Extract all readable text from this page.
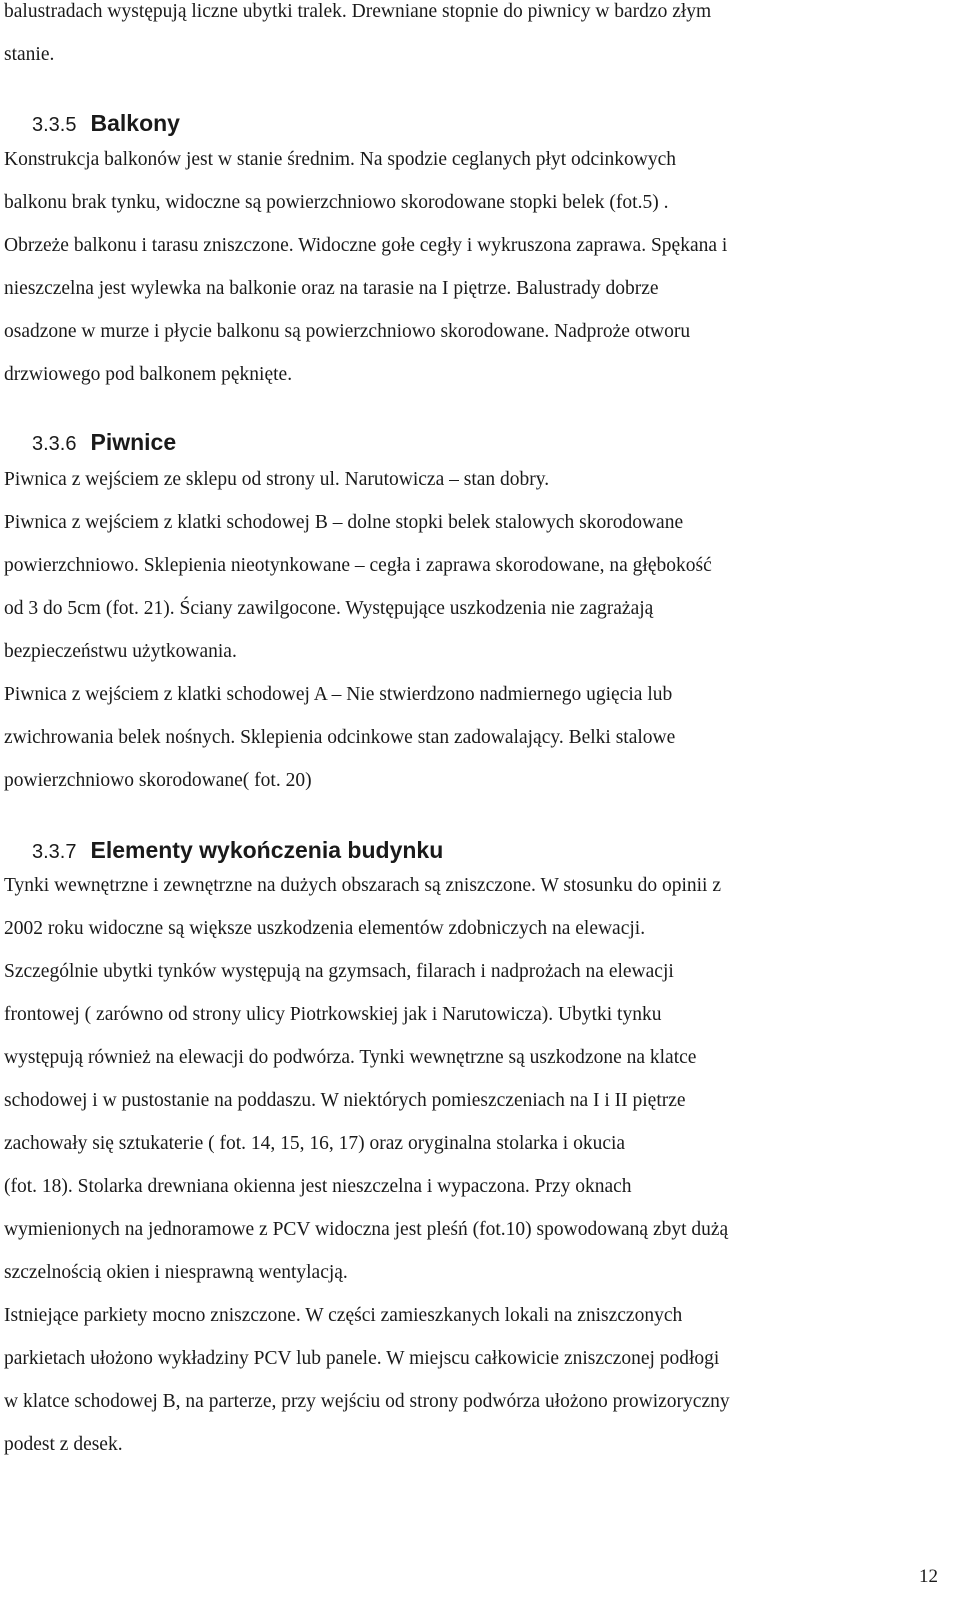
balustradach występują liczne ubytki tralek. Drewniane stopnie do piwnicy w bardzo złym
stanie.
3.3.5 Balkony
Konstrukcja balkonów jest w stanie średnim. Na spodzie ceglanych płyt odcinkowych
balkonu brak tynku, widoczne są powierzchniowo skorodowane stopki belek (fot.5) .
Obrzeże balkonu i tarasu zniszczone. Widoczne gołe cegły i wykruszona zaprawa. Spękana i
nieszczelna jest wylewka na balkonie oraz na tarasie na I piętrze. Balustrady dobrze
osadzone w murze i płycie balkonu są powierzchniowo skorodowane. Nadproże otworu
drzwiowego pod balkonem pęknięte.
3.3.6 Piwnice
Piwnica z wejściem ze sklepu od strony ul. Narutowicza – stan dobry.
Piwnica z wejściem z klatki schodowej B – dolne stopki belek stalowych skorodowane
powierzchniowo. Sklepienia nieotynkowane – cegła i zaprawa skorodowane, na głębokość
od 3 do 5cm (fot. 21). Ściany zawilgocone. Występujące uszkodzenia nie zagrażają
bezpieczeństwu użytkowania.
Piwnica z wejściem z klatki schodowej A – Nie stwierdzono nadmiernego ugięcia lub
zwichrowania belek nośnych. Sklepienia odcinkowe stan zadowalający. Belki stalowe
powierzchniowo skorodowane( fot. 20)
3.3.7 Elementy wykończenia budynku
Tynki wewnętrzne i zewnętrzne na dużych obszarach są zniszczone. W stosunku do opinii z
2002 roku widoczne są większe uszkodzenia elementów zdobniczych na elewacji.
Szczególnie ubytki tynków występują na gzymsach, filarach i nadprożach na elewacji
frontowej ( zarówno od strony ulicy Piotrkowskiej jak i Narutowicza). Ubytki tynku
występują również na elewacji do podwórza. Tynki wewnętrzne są uszkodzone na klatce
schodowej i w pustostanie na poddaszu. W niektórych pomieszczeniach na I i II piętrze
zachowały się sztukaterie ( fot. 14, 15, 16, 17) oraz oryginalna stolarka i okucia
(fot. 18). Stolarka drewniana okienna jest nieszczelna i wypaczona. Przy oknach
wymienionych na jednoramowe z PCV widoczna jest pleśń (fot.10) spowodowaną zbyt dużą
szczelnością okien i niesprawną wentylacją.
Istniejące parkiety mocno zniszczone. W części zamieszkanych lokali na zniszczonych
parkietach ułożono wykładziny PCV lub panele. W miejscu całkowicie zniszczonej podłogi
w klatce schodowej B, na parterze, przy wejściu od strony podwórza ułożono prowizoryczny
podest z desek.
12
